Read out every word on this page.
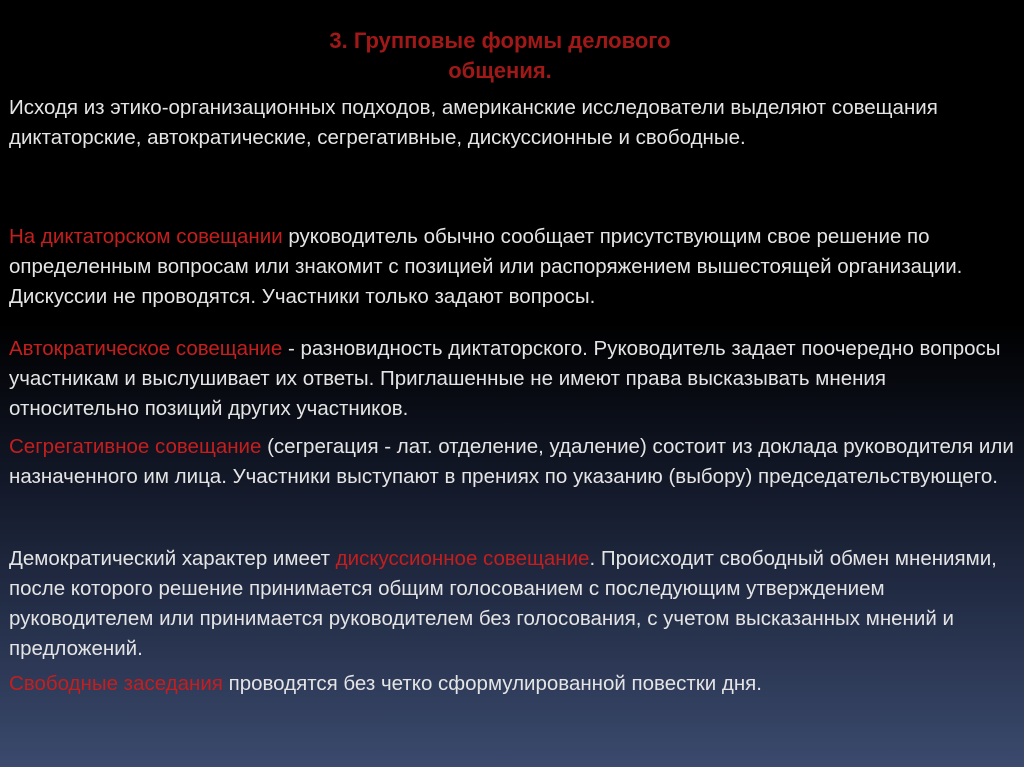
3. Групповые формы делового
общения.

Исходя из этико-организационных подходов, американские исследователи выделяют совещания диктаторские, автократические, сегрегативные, дискуссионные и свободные.

На диктаторском совещании руководитель обычно сообщает присутствующим свое решение по определенным вопросам или знакомит с позицией или распоряжением вышестоящей организации. Дискуссии не проводятся. Участники только задают вопросы.

Автократическое совещание - разновидность диктаторского. Руководитель задает поочередно вопросы участникам и выслушивает их ответы. Приглашенные не имеют права высказывать мнения относительно позиций других участников.

Сегрегативное совещание (сегрегация - лат. отделение, удаление) состоит из доклада руководителя или назначенного им лица. Участники выступают в прениях по указанию (выбору) председательствующего.

Демократический характер имеет дискуссионное совещание. Происходит свободный обмен мнениями, после которого решение принимается общим голосованием с последующим утверждением руководителем или принимается руководителем без голосования, с учетом высказанных мнений и предложений.

Свободные заседания проводятся без четко сформулированной повестки дня.
